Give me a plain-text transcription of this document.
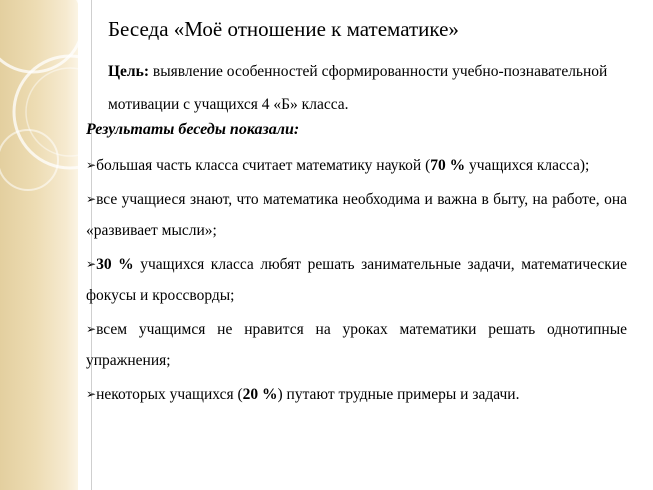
Беседа «Моё отношение к математике»

Цель: выявление особенностей сформированности учебно-познавательной мотивации с учащихся 4 «Б» класса.

Результаты беседы показали:

➢большая часть класса считает математику наукой (70 % учащихся класса);
➢все учащиеся знают, что математика необходима и важна в быту, на работе, она «развивает мысли»;
➢30 % учащихся класса любят решать занимательные задачи, математические фокусы и кроссворды;
➢всем учащимся не нравится на уроках математики решать однотипные упражнения;
➢некоторых учащихся (20 %) путают трудные примеры и задачи.
